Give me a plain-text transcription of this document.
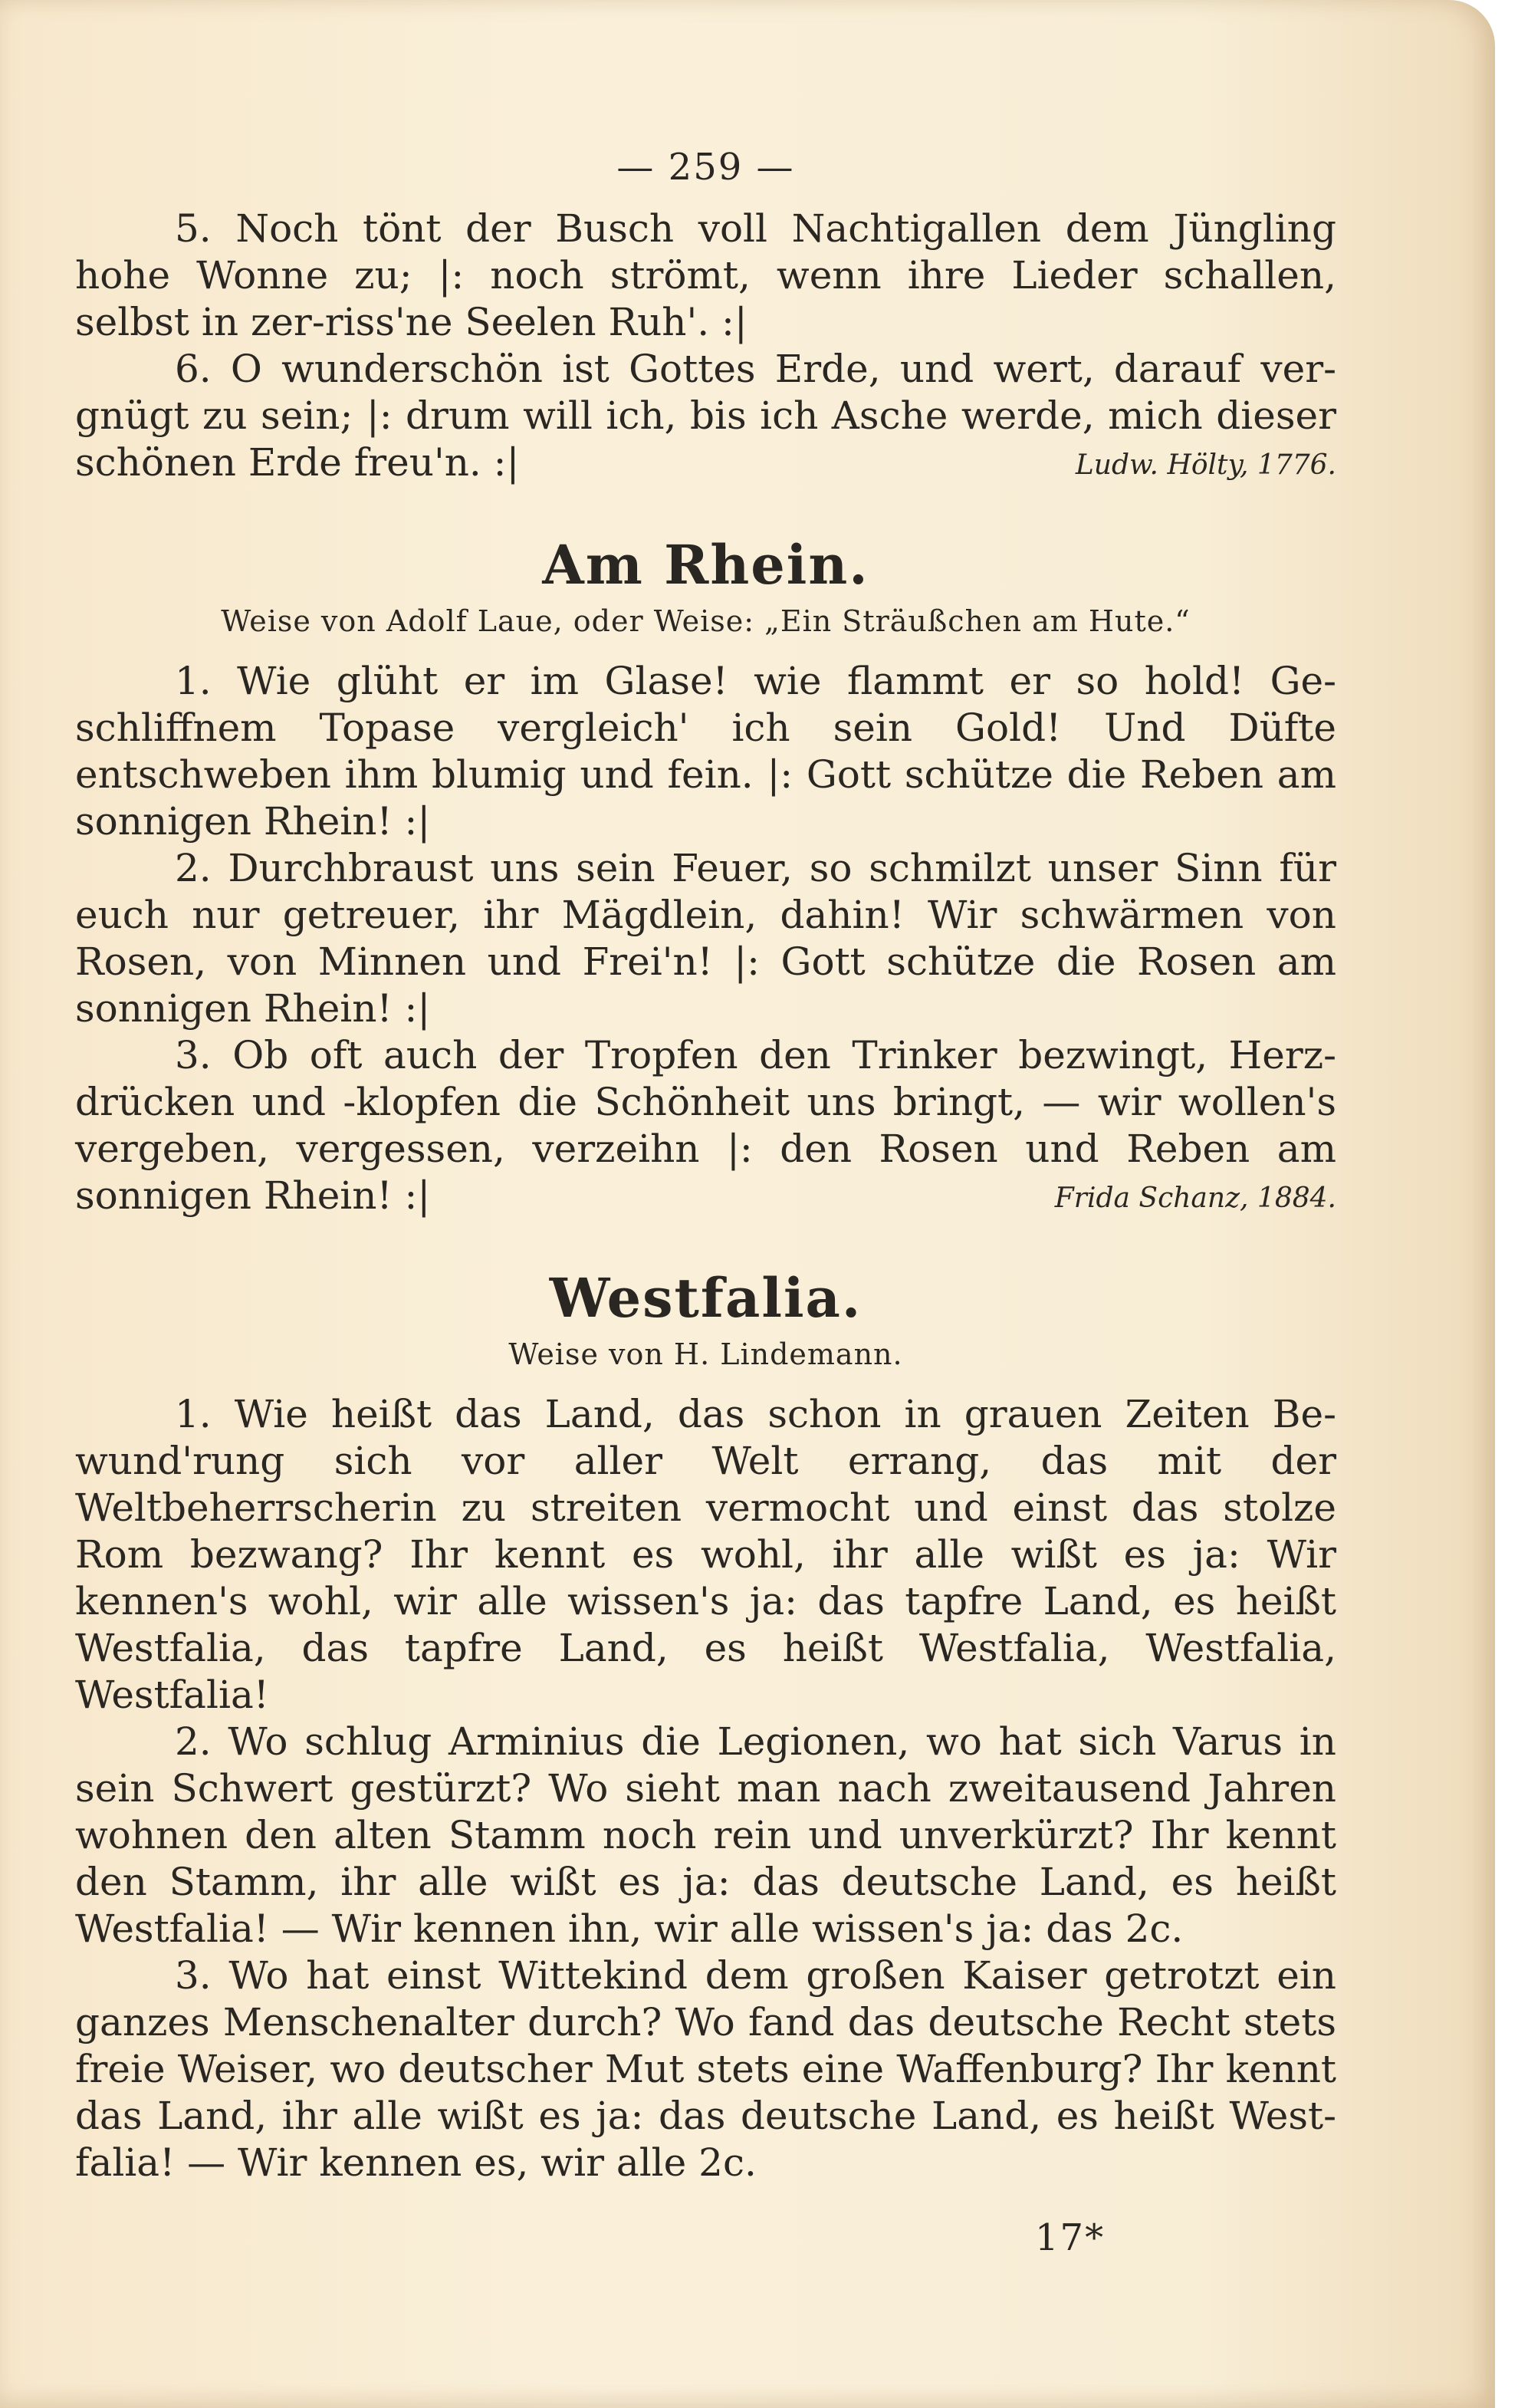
— 259 —

5. Noch tönt der Busch voll Nachtigallen dem Jüngling hohe Wonne zu; |: noch strömt, wenn ihre Lieder schallen, selbst in zer-riss'ne Seelen Ruh'. :|

6. O wunderschön ist Gottes Erde, und wert, darauf ver-gnügt zu sein; |: drum will ich, bis ich Asche werde, mich dieser schönen Erde freu'n. :|	Ludw. Hölty, 1776.
Am Rhein.
Weise von Adolf Laue, oder Weise: „Ein Sträußchen am Hute.“

1. Wie glüht er im Glase! wie flammt er so hold! Ge-schliffnem Topase vergleich' ich sein Gold! Und Düfte entschweben ihm blumig und fein. |: Gott schütze die Reben am sonnigen Rhein! :|

2. Durchbraust uns sein Feuer, so schmilzt unser Sinn für euch nur getreuer, ihr Mägdlein, dahin! Wir schwärmen von Rosen, von Minnen und Frei'n! |: Gott schütze die Rosen am sonnigen Rhein! :|

3. Ob oft auch der Tropfen den Trinker bezwingt, Herz-drücken und -klopfen die Schönheit uns bringt, — wir wollen's vergeben, vergessen, verzeihn |: den Rosen und Reben am sonnigen Rhein! :|	Frida Schanz, 1884.
Westfalia.
Weise von H. Lindemann.

1. Wie heißt das Land, das schon in grauen Zeiten Be-wund'rung sich vor aller Welt errang, das mit der Weltbeherrscherin zu streiten vermocht und einst das stolze Rom bezwang? Ihr kennt es wohl, ihr alle wißt es ja: Wir kennen's wohl, wir alle wissen's ja: das tapfre Land, es heißt Westfalia, das tapfre Land, es heißt Westfalia, Westfalia, Westfalia!

2. Wo schlug Arminius die Legionen, wo hat sich Varus in sein Schwert gestürzt? Wo sieht man nach zweitausend Jahren wohnen den alten Stamm noch rein und unverkürzt? Ihr kennt den Stamm, ihr alle wißt es ja: das deutsche Land, es heißt Westfalia! — Wir kennen ihn, wir alle wissen's ja: das 2c.

3. Wo hat einst Wittekind dem großen Kaiser getrotzt ein ganzes Menschenalter durch? Wo fand das deutsche Recht stets freie Weiser, wo deutscher Mut stets eine Waffenburg? Ihr kennt das Land, ihr alle wißt es ja: das deutsche Land, es heißt West-falia! — Wir kennen es, wir alle 2c.

17*
